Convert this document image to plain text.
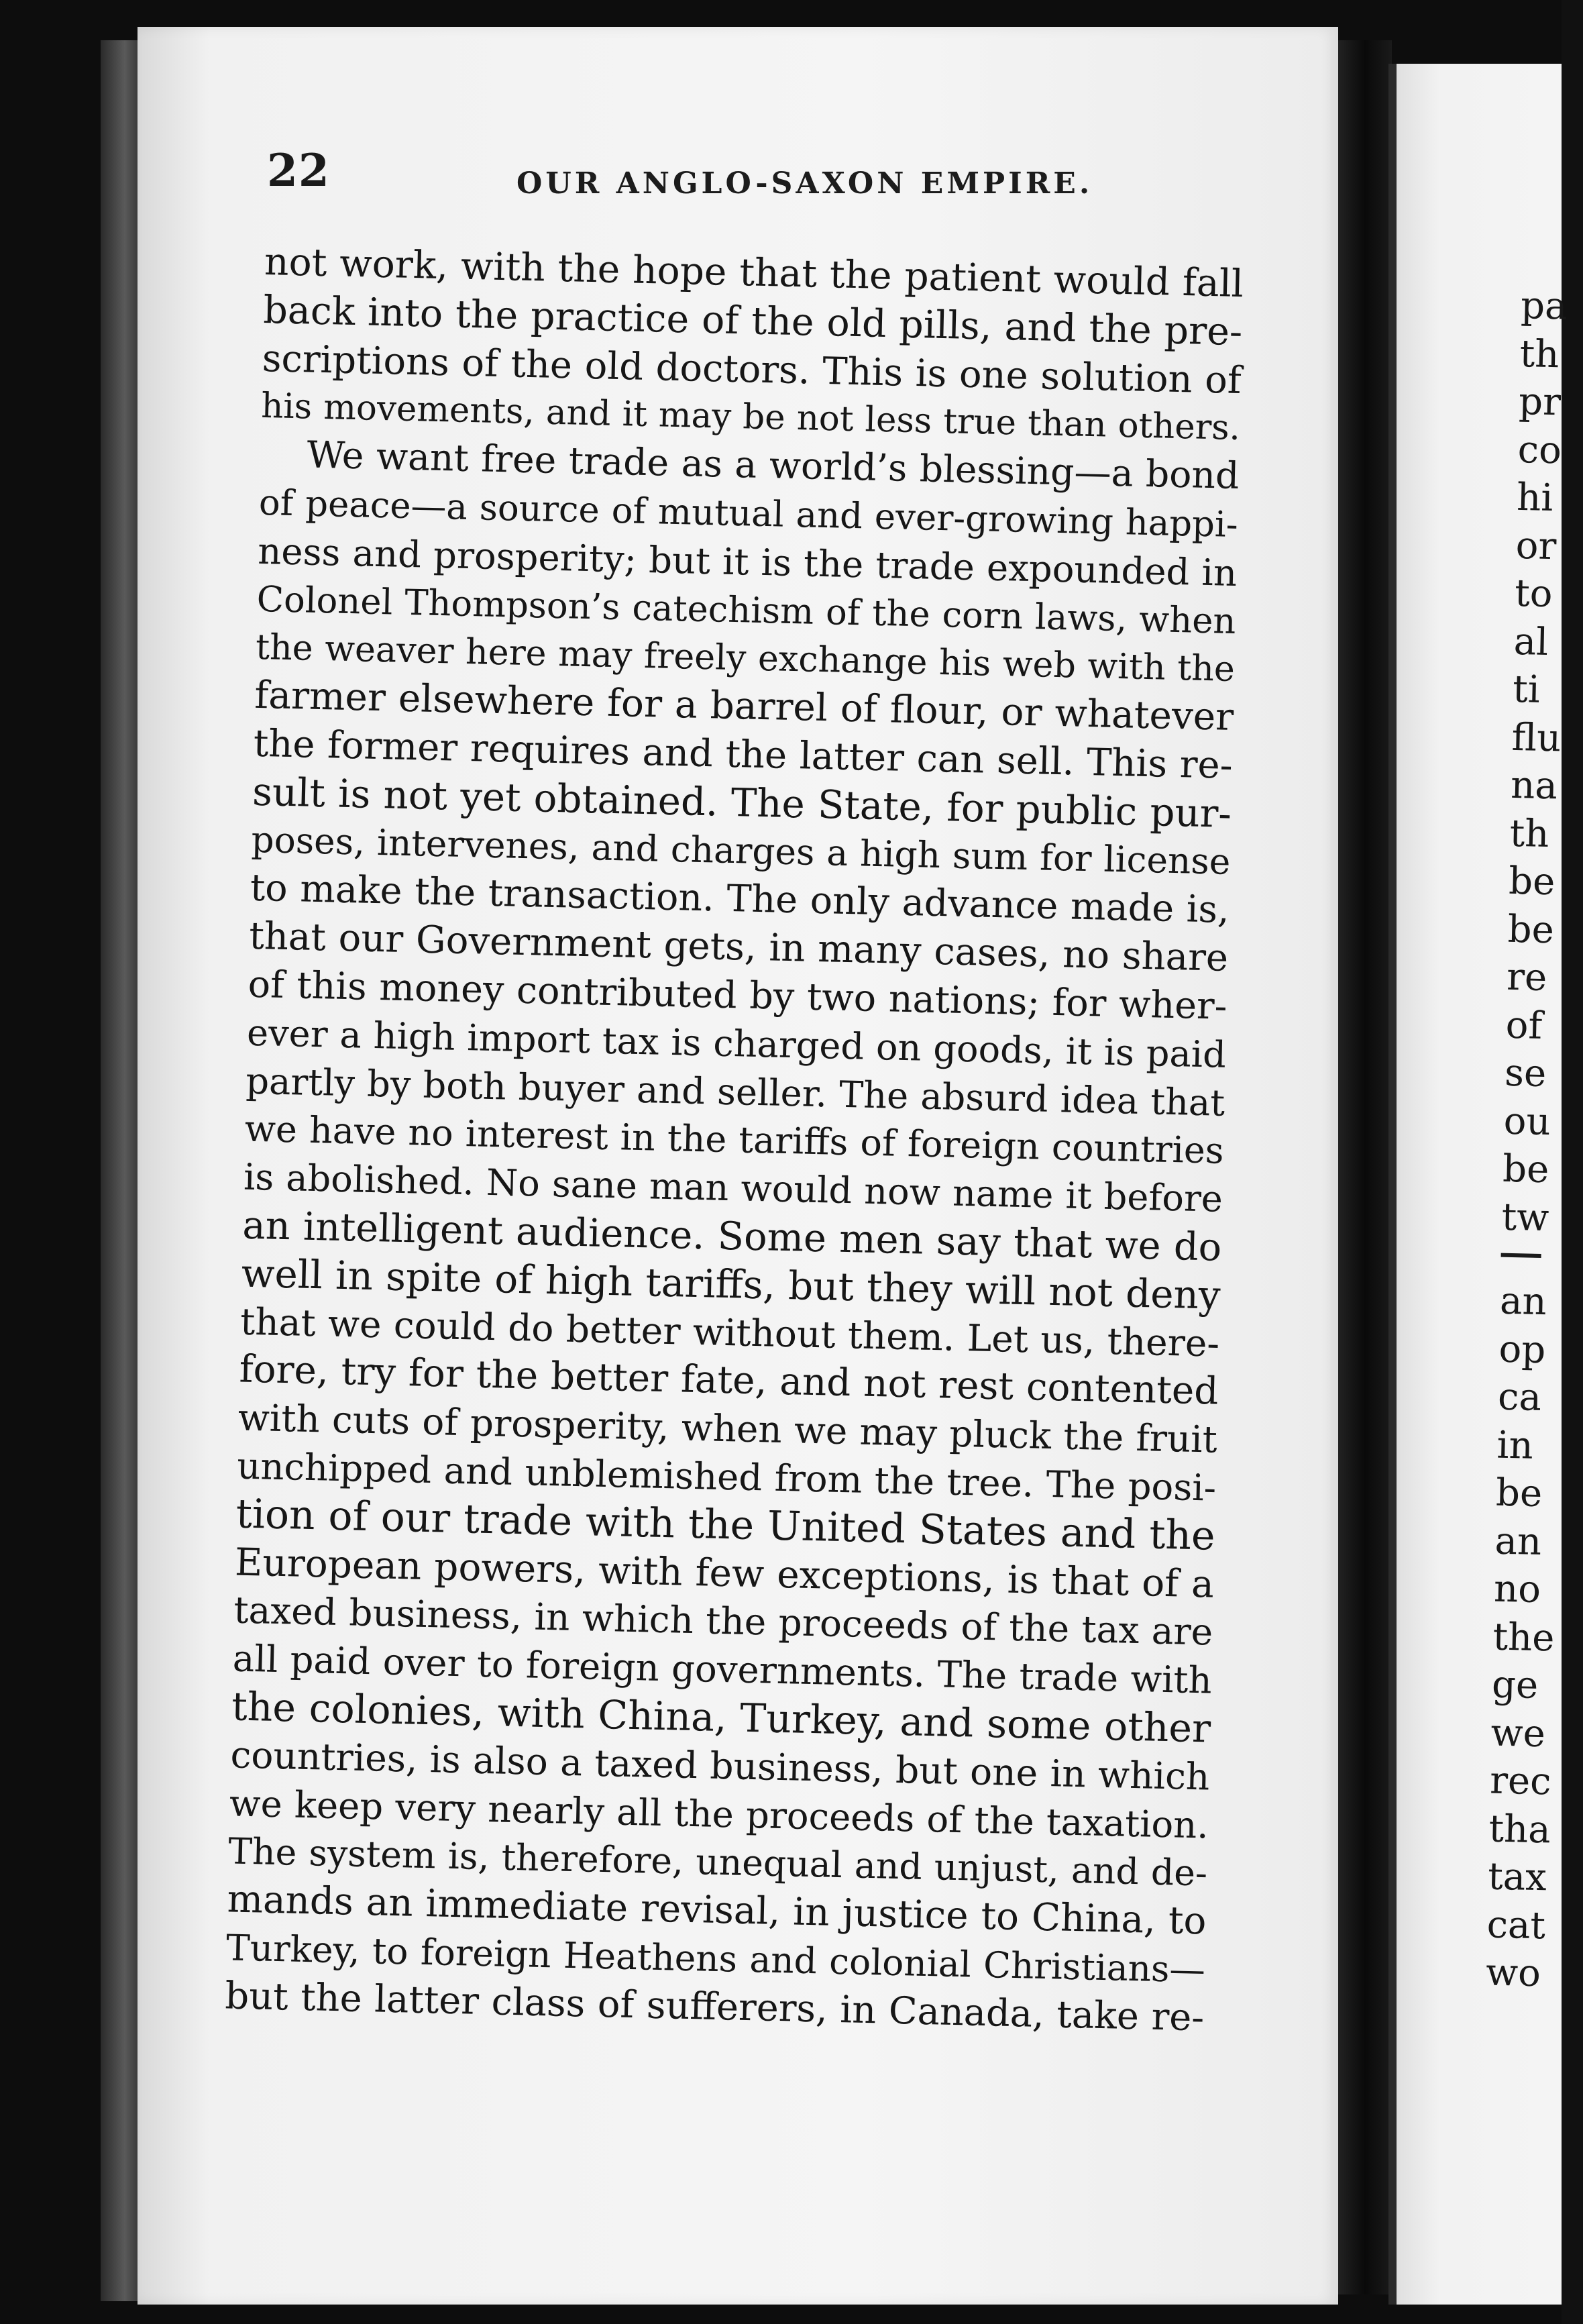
22	OUR ANGLO-SAXON EMPIRE.
not work, with the hope that the patient would fall
back into the practice of the old pills, and the pre-
scriptions of the old doctors. This is one solution of
his movements, and it may be not less true than others.
We want free trade as a world’s blessing—a bond
of peace—a source of mutual and ever-growing happi-
ness and prosperity; but it is the trade expounded in
Colonel Thompson’s catechism of the corn laws, when
the weaver here may freely exchange his web with the
farmer elsewhere for a barrel of flour, or whatever
the former requires and the latter can sell. This re-
sult is not yet obtained. The State, for public pur-
poses, intervenes, and charges a high sum for license
to make the transaction. The only advance made is,
that our Government gets, in many cases, no share
of this money contributed by two nations; for wher-
ever a high import tax is charged on goods, it is paid
partly by both buyer and seller. The absurd idea that
we have no interest in the tariffs of foreign countries
is abolished. No sane man would now name it before
an intelligent audience. Some men say that we do
well in spite of high tariffs, but they will not deny
that we could do better without them. Let us, there-
fore, try for the better fate, and not rest contented
with cuts of prosperity, when we may pluck the fruit
unchipped and unblemished from the tree. The posi-
tion of our trade with the United States and the
European powers, with few exceptions, is that of a
taxed business, in which the proceeds of the tax are
all paid over to foreign governments. The trade with
the colonies, with China, Turkey, and some other
countries, is also a taxed business, but one in which
we keep very nearly all the proceeds of the taxation.
The system is, therefore, unequal and unjust, and de-
mands an immediate revisal, in justice to China, to
Turkey, to foreign Heathens and colonial Christians—
but the latter class of sufferers, in Canada, take re-
pa
th
pr
co
hi
or
to
al
ti
flu
na
th
be
be
re
of
se
ou
be
tw
an
op
ca
in
be
an
no
the
ge
we
rec
tha
tax
cat
wo
